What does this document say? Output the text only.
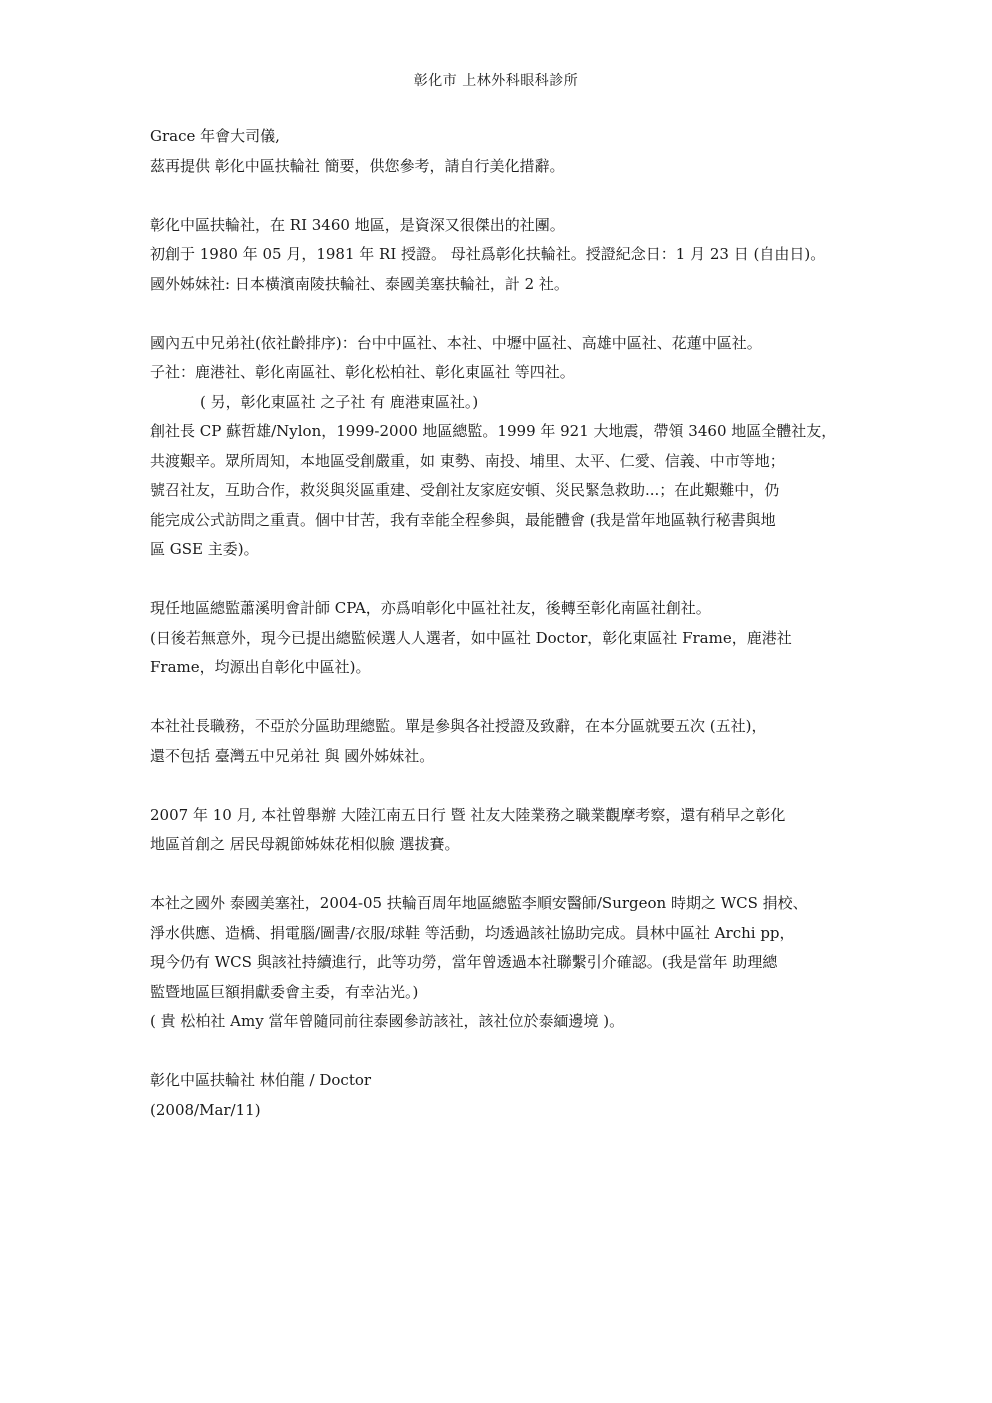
彰化市 上林外科眼科診所
Grace 年會大司儀,
茲再提供 彰化中區扶輪社 簡要，供您參考，請自行美化措辭。
彰化中區扶輪社，在 RI 3460 地區，是資深又很傑出的社團。
初創于 1980 年 05 月，1981 年 RI 授證。 母社爲彰化扶輪社。授證紀念日：1 月 23 日 (自由日)。
國外姊妹社: 日本橫濱南陵扶輪社、泰國美塞扶輪社，計 2 社。
國內五中兄弟社(依社齡排序)：台中中區社、本社、中壢中區社、高雄中區社、花蓮中區社。
子社：鹿港社、彰化南區社、彰化松柏社、彰化東區社 等四社。
( 另，彰化東區社 之子社 有 鹿港東區社。)
創社長 CP 蘇哲雄/Nylon，1999-2000 地區總監。1999 年 921 大地震，帶領 3460 地區全體社友，
共渡艱辛。眾所周知，本地區受創嚴重，如 東勢、南投、埔里、太平、仁愛、信義、中市等地；
號召社友，互助合作，救災與災區重建、受創社友家庭安頓、災民緊急救助...；在此艱難中，仍
能完成公式訪問之重責。個中甘苦，我有幸能全程參與，最能體會 (我是當年地區執行秘書與地
區 GSE 主委)。
現任地區總監蕭溪明會計師 CPA，亦爲咱彰化中區社社友，後轉至彰化南區社創社。
(日後若無意外，現今已提出總監候選人人選者，如中區社 Doctor，彰化東區社 Frame，鹿港社
Frame，均源出自彰化中區社)。
本社社長職務，不亞於分區助理總監。單是參與各社授證及致辭，在本分區就要五次 (五社)，
還不包括 臺灣五中兄弟社 與 國外姊妹社。
2007 年 10 月, 本社曾舉辦 大陸江南五日行 暨 社友大陸業務之職業觀摩考察，還有稍早之彰化
地區首創之 居民母親節姊妹花相似臉 選拔賽。
本社之國外 泰國美塞社，2004-05 扶輪百周年地區總監李順安醫師/Surgeon 時期之 WCS 捐校、
淨水供應、造橋、捐電腦/圖書/衣服/球鞋 等活動，均透過該社協助完成。員林中區社 Archi pp，
現今仍有 WCS 與該社持續進行，此等功勞，當年曾透過本社聯繫引介確認。(我是當年 助理總
監暨地區巨額捐獻委會主委，有幸沾光。)
( 貴 松柏社 Amy 當年曾隨同前往泰國參訪該社，該社位於泰緬邊境 )。
彰化中區扶輪社 林伯龍 / Doctor
(2008/Mar/11)
